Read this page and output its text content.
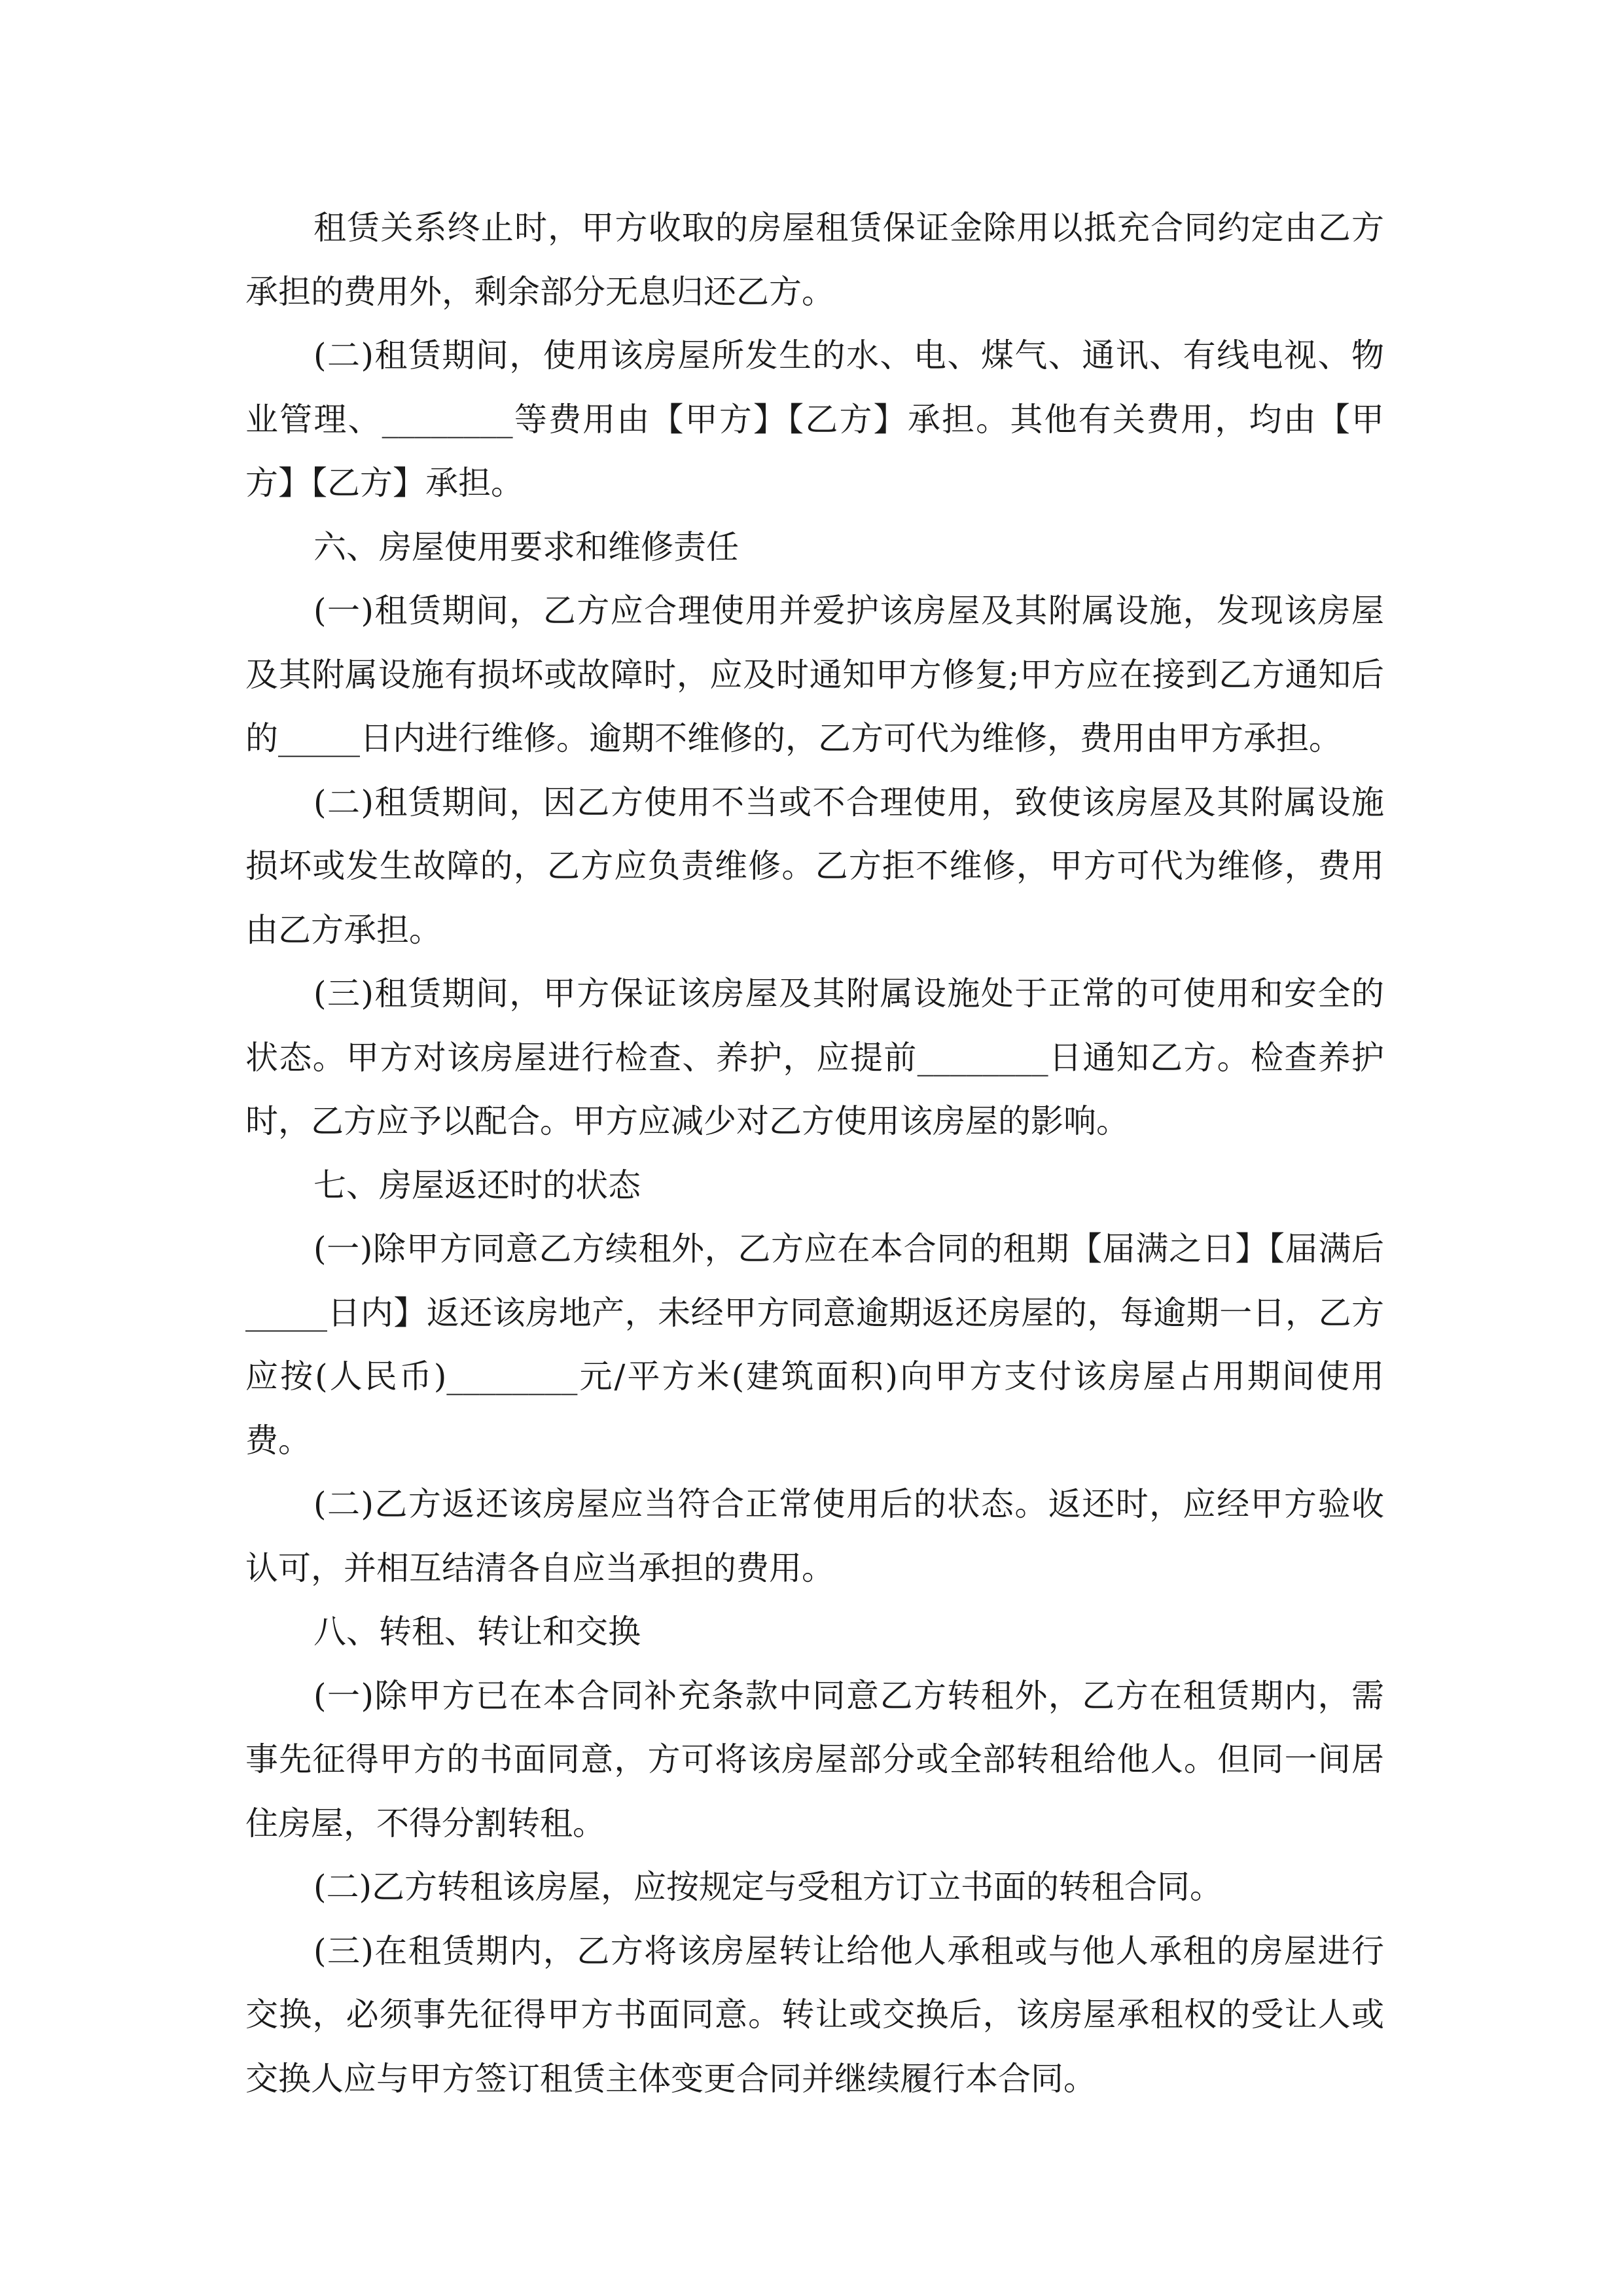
租赁关系终止时，甲方收取的房屋租赁保证金除用以抵充合同约定由乙方承担的费用外，剩余部分无息归还乙方。

(二)租赁期间，使用该房屋所发生的水、电、煤气、通讯、有线电视、物业管理、________等费用由【甲方】【乙方】承担。其他有关费用，均由【甲方】【乙方】承担。

六、房屋使用要求和维修责任

(一)租赁期间，乙方应合理使用并爱护该房屋及其附属设施，发现该房屋及其附属设施有损坏或故障时，应及时通知甲方修复;甲方应在接到乙方通知后的_____日内进行维修。逾期不维修的，乙方可代为维修，费用由甲方承担。

(二)租赁期间，因乙方使用不当或不合理使用，致使该房屋及其附属设施损坏或发生故障的，乙方应负责维修。乙方拒不维修，甲方可代为维修，费用由乙方承担。

(三)租赁期间，甲方保证该房屋及其附属设施处于正常的可使用和安全的状态。甲方对该房屋进行检查、养护，应提前________日通知乙方。检查养护时，乙方应予以配合。甲方应减少对乙方使用该房屋的影响。

七、房屋返还时的状态

(一)除甲方同意乙方续租外，乙方应在本合同的租期【届满之日】【届满后_____日内】返还该房地产，未经甲方同意逾期返还房屋的，每逾期一日，乙方应按(人民币)________元/平方米(建筑面积)向甲方支付该房屋占用期间使用费。

(二)乙方返还该房屋应当符合正常使用后的状态。返还时，应经甲方验收认可，并相互结清各自应当承担的费用。

八、转租、转让和交换

(一)除甲方已在本合同补充条款中同意乙方转租外，乙方在租赁期内，需事先征得甲方的书面同意，方可将该房屋部分或全部转租给他人。但同一间居住房屋，不得分割转租。

(二)乙方转租该房屋，应按规定与受租方订立书面的转租合同。

(三)在租赁期内，乙方将该房屋转让给他人承租或与他人承租的房屋进行交换，必须事先征得甲方书面同意。转让或交换后，该房屋承租权的受让人或交换人应与甲方签订租赁主体变更合同并继续履行本合同。
